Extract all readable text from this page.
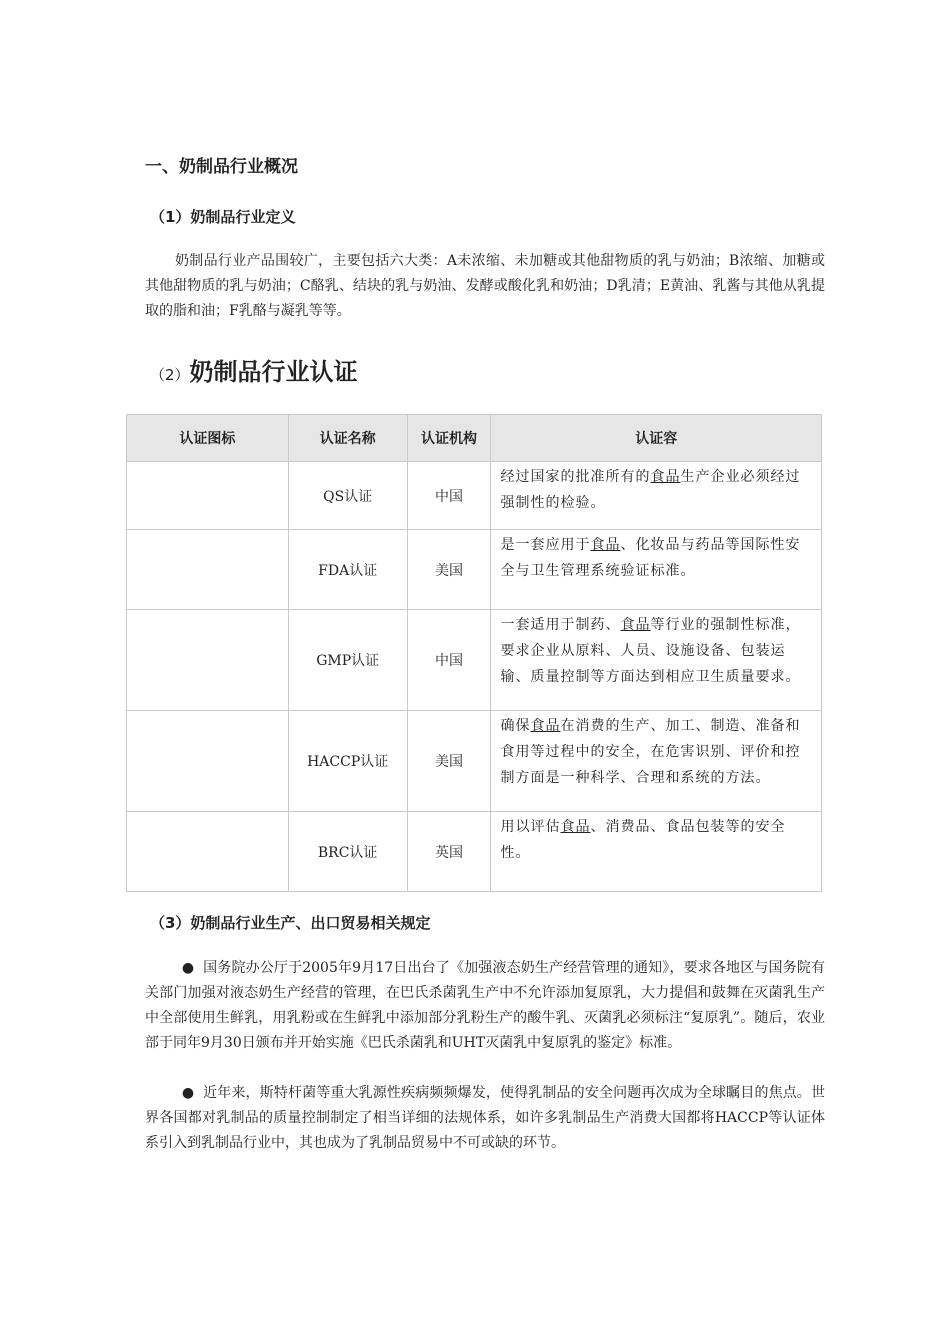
一、奶制品行业概况
（1）奶制品行业定义
奶制品行业产品围较广，主要包括六大类：A未浓缩、未加糖或其他甜物质的乳与奶油；B浓缩、加糖或其他甜物质的乳与奶油；C酪乳、结块的乳与奶油、发酵或酸化乳和奶油；D乳清；E黄油、乳酱与其他从乳提取的脂和油；F乳酪与凝乳等等。
（2）奶制品行业认证
认证图标	认证名称	认证机构	认证容
	QS认证	中国	经过国家的批准所有的食品生产企业必须经过强制性的检验。
	FDA认证	美国	是一套应用于食品、化妆品与药品等国际性安全与卫生管理系统验证标准。
	GMP认证	中国	一套适用于制药、食品等行业的强制性标准，要求企业从原料、人员、设施设备、包装运输、质量控制等方面达到相应卫生质量要求。
	HACCP认证	美国	确保食品在消费的生产、加工、制造、准备和食用等过程中的安全，在危害识别、评价和控制方面是一种科学、合理和系统的方法。
	BRC认证	英国	用以评估食品、消费品、食品包装等的安全性。
（3）奶制品行业生产、出口贸易相关规定
● 国务院办公厅于2005年9月17日出台了《加强液态奶生产经营管理的通知》，要求各地区与国务院有关部门加强对液态奶生产经营的管理，在巴氏杀菌乳生产中不允许添加复原乳，大力提倡和鼓舞在灭菌乳生产中全部使用生鲜乳，用乳粉或在生鲜乳中添加部分乳粉生产的酸牛乳、灭菌乳必须标注“复原乳”。随后，农业部于同年9月30日颁布并开始实施《巴氏杀菌乳和UHT灭菌乳中复原乳的鉴定》标准。
● 近年来，斯特杆菌等重大乳源性疾病频频爆发，使得乳制品的安全问题再次成为全球瞩目的焦点。世界各国都对乳制品的质量控制制定了相当详细的法规体系，如许多乳制品生产消费大国都将HACCP等认证体系引入到乳制品行业中，其也成为了乳制品贸易中不可或缺的环节。
